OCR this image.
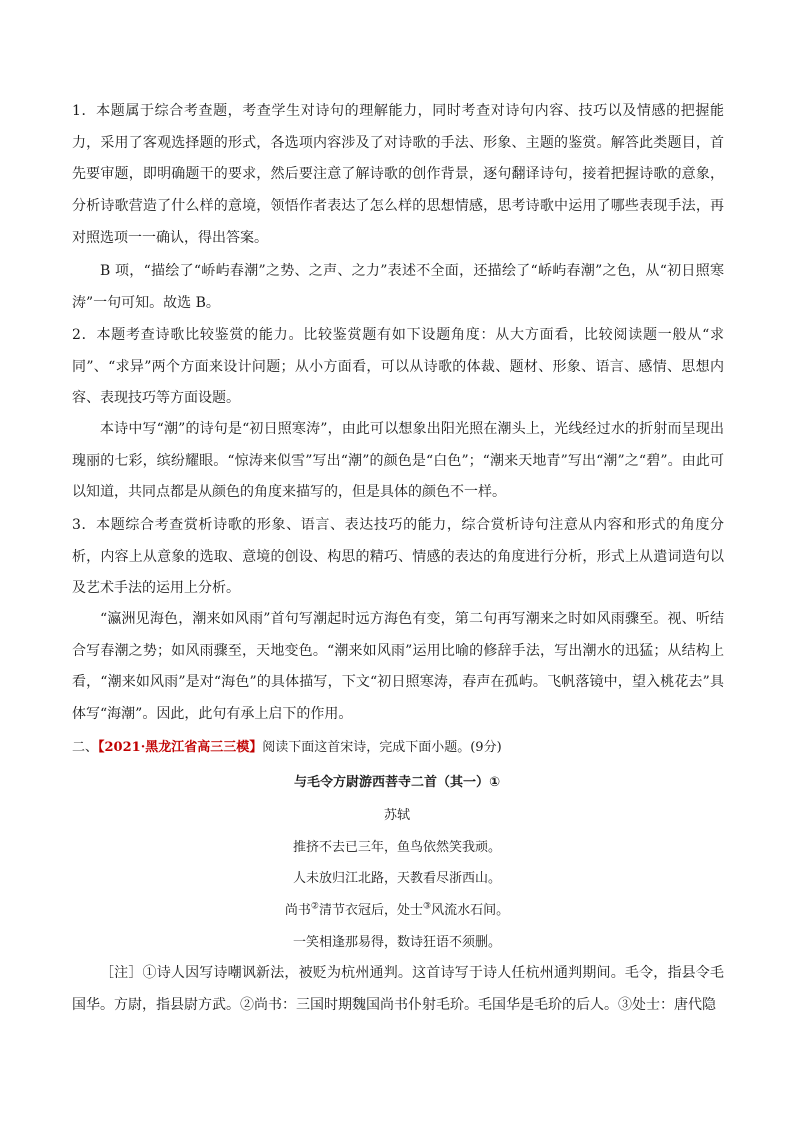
1．本题属于综合考查题，考查学生对诗句的理解能力，同时考查对诗句内容、技巧以及情感的把握能力，采用了客观选择题的形式，各选项内容涉及了对诗歌的手法、形象、主题的鉴赏。解答此类题目，首先要审题，即明确题干的要求，然后要注意了解诗歌的创作背景，逐句翻译诗句，接着把握诗歌的意象，分析诗歌营造了什么样的意境，领悟作者表达了怎么样的思想情感，思考诗歌中运用了哪些表现手法，再对照选项一一确认，得出答案。

B 项，“描绘了“峤屿春潮”之势、之声、之力”表述不全面，还描绘了“峤屿春潮”之色，从“初日照寒涛”一句可知。故选 B。

2．本题考查诗歌比较鉴赏的能力。比较鉴赏题有如下设题角度：从大方面看，比较阅读题一般从“求同”、“求异”两个方面来设计问题；从小方面看，可以从诗歌的体裁、题材、形象、语言、感情、思想内容、表现技巧等方面设题。

本诗中写“潮”的诗句是“初日照寒涛”，由此可以想象出阳光照在潮头上，光线经过水的折射而呈现出瑰丽的七彩，缤纷耀眼。“惊涛来似雪”写出“潮”的颜色是“白色”；“潮来天地青”写出“潮”之“碧”。由此可以知道，共同点都是从颜色的角度来描写的，但是具体的颜色不一样。

3．本题综合考查赏析诗歌的形象、语言、表达技巧的能力，综合赏析诗句注意从内容和形式的角度分析，内容上从意象的选取、意境的创设、构思的精巧、情感的表达的角度进行分析，形式上从遣词造句以及艺术手法的运用上分析。

“瀛洲见海色，潮来如风雨”首句写潮起时远方海色有变，第二句再写潮来之时如风雨骤至。视、听结合写春潮之势；如风雨骤至，天地变色。“潮来如风雨”运用比喻的修辞手法，写出潮水的迅猛；从结构上看，“潮来如风雨”是对“海色”的具体描写，下文“初日照寒涛，春声在孤屿。飞帆落镜中，望入桃花去”具体写“海潮”。因此，此句有承上启下的作用。

二、【2021·黑龙江省高三三模】阅读下面这首宋诗，完成下面小题。(9分)

与毛令方尉游西菩寺二首（其一）①

苏轼

推挤不去已三年，鱼鸟依然笑我顽。

人未放归江北路，天教看尽浙西山。

尚书②清节衣冠后，处士③风流水石间。

一笑相逢那易得，数诗狂语不须删。

［注］①诗人因写诗嘲讽新法，被贬为杭州通判。这首诗写于诗人任杭州通判期间。毛令，指县令毛国华。方尉，指县尉方武。②尚书：三国时期魏国尚书仆射毛玠。毛国华是毛玠的后人。③处士：唐代隐
